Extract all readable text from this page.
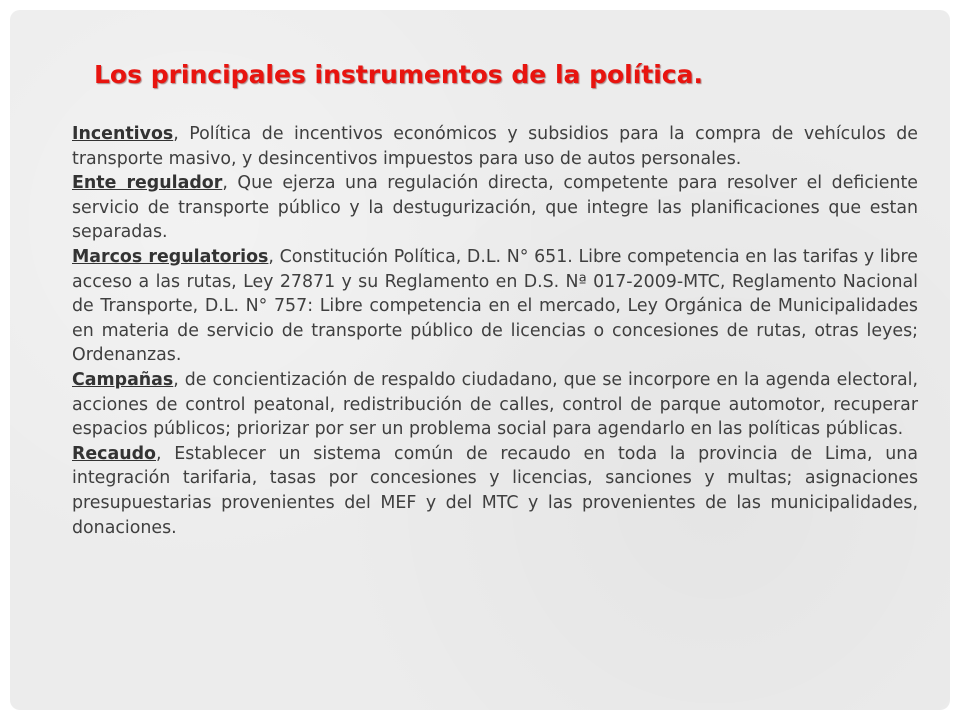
Los principales instrumentos de la política.

Incentivos, Política de incentivos económicos y subsidios para la compra de vehículos de transporte masivo, y desincentivos impuestos para uso de autos personales.

Ente regulador, Que ejerza una regulación directa, competente para resolver el deficiente servicio de transporte público y la destugurización, que integre las planificaciones que estan separadas.

Marcos regulatorios, Constitución Política, D.L. N° 651. Libre competencia en las tarifas y libre acceso a las rutas, Ley 27871 y su Reglamento en D.S. Nª 017-2009-MTC, Reglamento Nacional de Transporte, D.L. N° 757: Libre competencia en el mercado, Ley Orgánica de Municipalidades en materia de servicio de transporte público de licencias o concesiones de rutas, otras leyes; Ordenanzas.

Campañas, de concientización de respaldo ciudadano, que se incorpore en la agenda electoral, acciones de control peatonal, redistribución de calles, control de parque automotor, recuperar espacios públicos; priorizar por ser un problema social para agendarlo en las políticas públicas.

Recaudo, Establecer un sistema común de recaudo en toda la provincia de Lima, una integración tarifaria, tasas por concesiones y licencias, sanciones y multas; asignaciones presupuestarias provenientes del MEF y del MTC y las provenientes de las municipalidades, donaciones.
